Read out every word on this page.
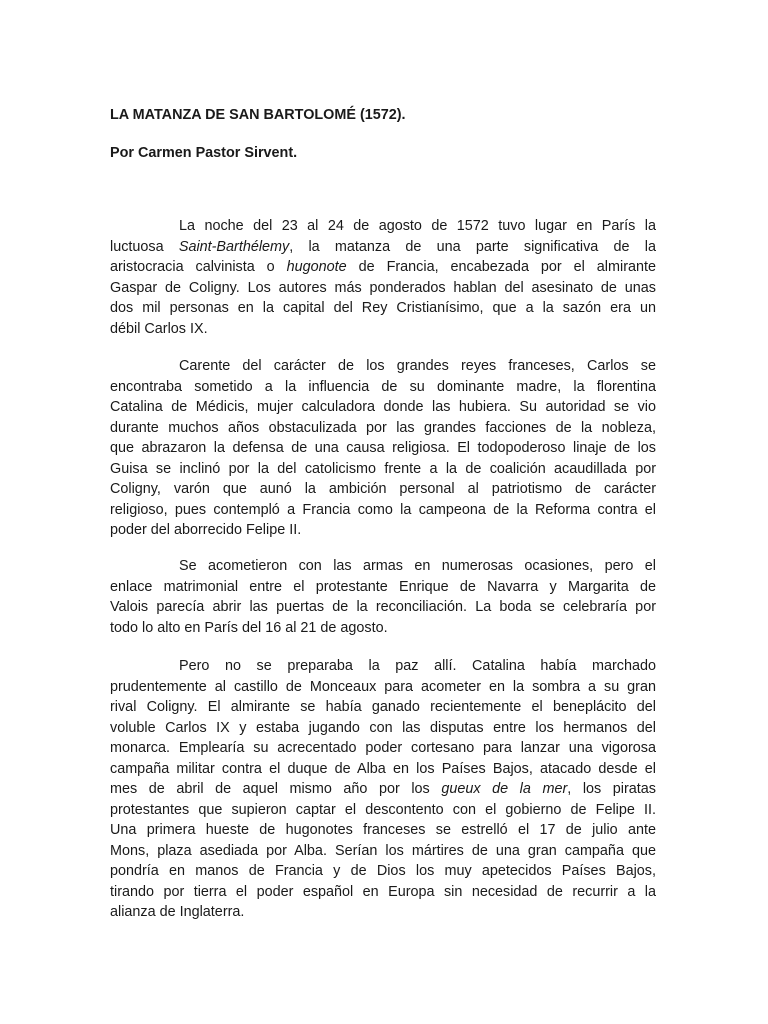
LA MATANZA DE SAN BARTOLOMÉ (1572).
Por Carmen Pastor Sirvent.
La noche del 23 al 24 de agosto de 1572 tuvo lugar en París la
luctuosa Saint-Barthélemy, la matanza de una parte significativa de la
aristocracia calvinista o hugonote de Francia, encabezada por el almirante
Gaspar de Coligny. Los autores más ponderados hablan del asesinato de unas
dos mil personas en la capital del Rey Cristianísimo, que a la sazón era un
débil Carlos IX.
Carente del carácter de los grandes reyes franceses, Carlos se
encontraba sometido a la influencia de su dominante madre, la florentina
Catalina de Médicis, mujer calculadora donde las hubiera. Su autoridad se vio
durante muchos años obstaculizada por las grandes facciones de la nobleza,
que abrazaron la defensa de una causa religiosa. El todopoderoso linaje de los
Guisa se inclinó por la del catolicismo frente a la de coalición acaudillada por
Coligny, varón que aunó la ambición personal al patriotismo de carácter
religioso, pues contempló a Francia como la campeona de la Reforma contra el
poder del aborrecido Felipe II.
Se acometieron con las armas en numerosas ocasiones, pero el
enlace matrimonial entre el protestante Enrique de Navarra y Margarita de
Valois parecía abrir las puertas de la reconciliación. La boda se celebraría por
todo lo alto en París del 16 al 21 de agosto.
Pero no se preparaba la paz allí. Catalina había marchado
prudentemente al castillo de Monceaux para acometer en la sombra a su gran
rival Coligny. El almirante se había ganado recientemente el beneplácito del
voluble Carlos IX y estaba jugando con las disputas entre los hermanos del
monarca. Emplearía su acrecentado poder cortesano para lanzar una vigorosa
campaña militar contra el duque de Alba en los Países Bajos, atacado desde el
mes de abril de aquel mismo año por los gueux de la mer, los piratas
protestantes que supieron captar el descontento con el gobierno de Felipe II.
Una primera hueste de hugonotes franceses se estrelló el 17 de julio ante
Mons, plaza asediada por Alba. Serían los mártires de una gran campaña que
pondría en manos de Francia y de Dios los muy apetecidos Países Bajos,
tirando por tierra el poder español en Europa sin necesidad de recurrir a la
alianza de Inglaterra.
